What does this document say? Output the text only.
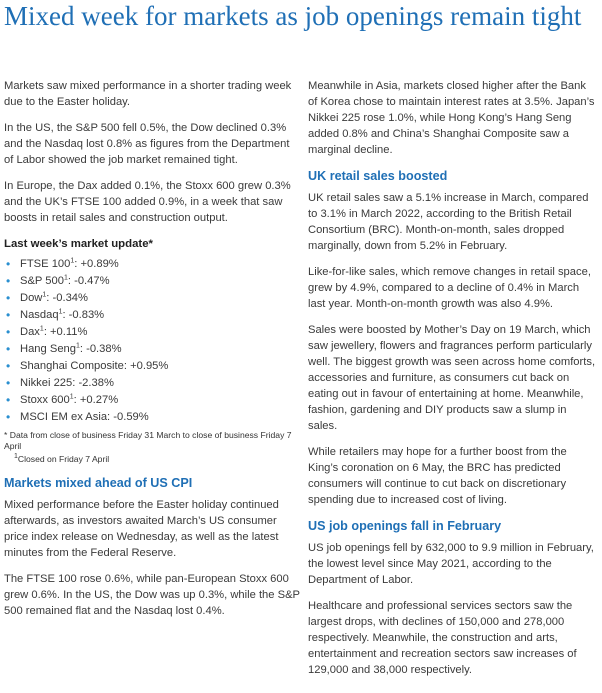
Mixed week for markets as job openings remain tight

Markets saw mixed performance in a shorter trading week due to the Easter holiday.

In the US, the S&P 500 fell 0.5%, the Dow declined 0.3% and the Nasdaq lost 0.8% as figures from the Department of Labor showed the job market remained tight.

In Europe, the Dax added 0.1%, the Stoxx 600 grew 0.3% and the UK’s FTSE 100 added 0.9%, in a week that saw boosts in retail sales and construction output.

Last week’s market update*
• FTSE $100^1$: +0.89%
• S&P $500^1$: -0.47%
• Dow$^1$: -0.34%
• Nasdaq$^1$: -0.83%
• Dax$^1$: +0.11%
• Hang Seng$^1$: -0.38%
• Shanghai Composite: +0.95%
• Nikkei 225: -2.38%
• Stoxx $600^1$: +0.27%
• MSCI EM ex Asia: -0.59%

* Data from close of business Friday 31 March to close of business Friday 7 April

$^1$Closed on Friday 7 April

Markets mixed ahead of US CPI

Mixed performance before the Easter holiday continued afterwards, as investors awaited March’s US consumer price index release on Wednesday, as well as the latest minutes from the Federal Reserve.

The FTSE 100 rose 0.6%, while pan-European Stoxx 600 grew 0.6%. In the US, the Dow was up 0.3%, while the S&P 500 remained flat and the Nasdaq lost 0.4%.

Meanwhile in Asia, markets closed higher after the Bank of Korea chose to maintain interest rates at 3.5%. Japan’s Nikkei 225 rose 1.0%, while Hong Kong’s Hang Seng added 0.8% and China’s Shanghai Composite saw a marginal decline.

UK retail sales boosted

UK retail sales saw a 5.1% increase in March, compared to 3.1% in March 2022, according to the British Retail Consortium (BRC). Month-on-month, sales dropped marginally, down from 5.2% in February.

Like-for-like sales, which remove changes in retail space, grew by 4.9%, compared to a decline of 0.4% in March last year. Month-on-month growth was also 4.9%.

Sales were boosted by Mother’s Day on 19 March, which saw jewellery, flowers and fragrances perform particularly well. The biggest growth was seen across home comforts, accessories and furniture, as consumers cut back on eating out in favour of entertaining at home. Meanwhile, fashion, gardening and DIY products saw a slump in sales.

While retailers may hope for a further boost from the King’s coronation on 6 May, the BRC has predicted consumers will continue to cut back on discretionary spending due to increased cost of living.

US job openings fall in February

US job openings fell by 632,000 to 9.9 million in February, the lowest level since May 2021, according to the Department of Labor.

Healthcare and professional services sectors saw the largest drops, with declines of 150,000 and 278,000 respectively. Meanwhile, the construction and arts, entertainment and recreation sectors saw increases of 129,000 and 38,000 respectively.
